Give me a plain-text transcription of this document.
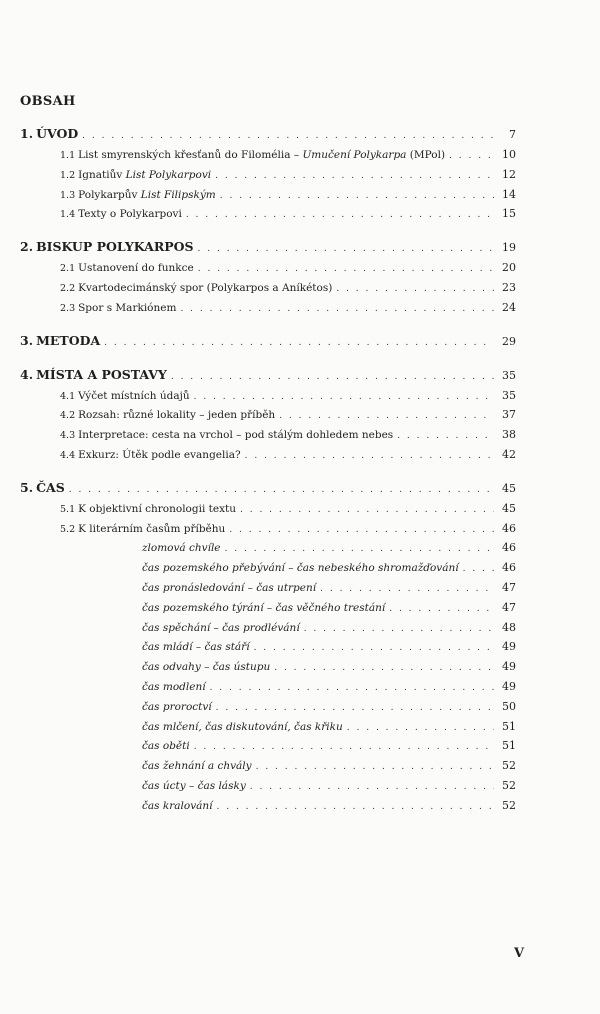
OBSAH
1. ÚVOD . . .	7
1.1 List smyrenských křesťanů do Filomélia – Umučení Polykarpa (MPol) . . .	10
1.2 Ignatiův List Polykarpovi . . .	12
1.3 Polykarpův List Filipským . . .	14
1.4 Texty o Polykarpovi . . .	15
2. BISKUP POLYKARPOS . . .	19
2.1 Ustanovení do funkce . . .	20
2.2 Kvartodecimánský spor (Polykarpos a Aníkétos) . . .	23
2.3 Spor s Markiónem . . .	24
3. METODA . . .	29
4. MÍSTA A POSTAVY . . .	35
4.1 Výčet místních údajů . . .	35
4.2 Rozsah: různé lokality – jeden příběh . . .	37
4.3 Interpretace: cesta na vrchol – pod stálým dohledem nebes . . .	38
4.4 Exkurz: Útěk podle evangelia? . . .	42
5. ČAS . . .	45
5.1 K objektivní chronologii textu . . .	45
5.2 K literárním časům příběhu . . .	46
zlomová chvíle . . .	46
čas pozemského přebývání – čas nebeského shromažďování . . .	46
čas pronásledování – čas utrpení . . .	47
čas pozemského týrání – čas věčného trestání . . .	47
čas spěchání – čas prodlévání . . .	48
čas mládí – čas stáří . . .	49
čas odvahy – čas ústupu . . .	49
čas modlení . . .	49
čas proroctví . . .	50
čas mlčení, čas diskutování, čas křiku . . .	51
čas oběti . . .	51
čas žehnání a chvály . . .	52
čas úcty – čas lásky . . .	52
čas kralování . . .	52
V
